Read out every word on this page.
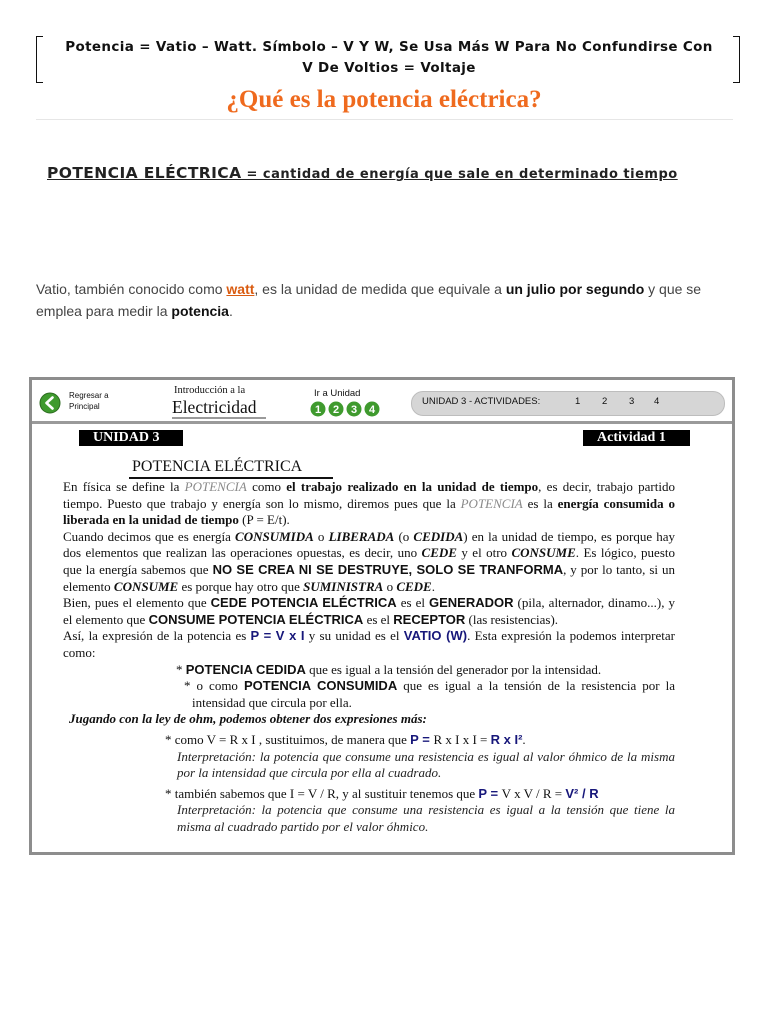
Potencia = Vatio – Watt. Símbolo – V Y W, Se Usa Más W Para No Confundirse Con
V De Voltios = Voltaje
¿Qué es la potencia eléctrica?
POTENCIA ELÉCTRICA = cantidad de energía que sale en determinado tiempo
Vatio, también conocido como watt, es la unidad de medida que equivale a un julio por segundo y que se emplea para medir la potencia.
Regresar a
Principal
Introducción a la
Electricidad
Ir a Unidad
1 2 3 4
UNIDAD 3 - ACTIVIDADES:	1 2 3 4
UNIDAD 3	Actividad 1
POTENCIA ELÉCTRICA

En física se define la POTENCIA como el trabajo realizado en la unidad de tiempo, es decir, trabajo partido tiempo. Puesto que trabajo y energía son lo mismo, diremos pues que la POTENCIA es la energía consumida o liberada en la unidad de tiempo (P = E/t).

Cuando decimos que es energía CONSUMIDA o LIBERADA (o CEDIDA) en la unidad de tiempo, es porque hay dos elementos que realizan las operaciones opuestas, es decir, uno CEDE y el otro CONSUME. Es lógico, puesto que la energía sabemos que NO SE CREA NI SE DESTRUYE, SOLO SE TRANFORMA, y por lo tanto, si un elemento CONSUME es porque hay otro que SUMINISTRA o CEDE.

Bien, pues el elemento que CEDE POTENCIA ELÉCTRICA es el GENERADOR (pila, alternador, dinamo...), y el elemento que CONSUME POTENCIA ELÉCTRICA es el RECEPTOR (las resistencias).

Así, la expresión de la potencia es P = V x I y su unidad es el VATIO (W). Esta expresión la podemos interpretar como:

* POTENCIA CEDIDA que es igual a la tensión del generador por la intensidad.

* o como POTENCIA CONSUMIDA que es igual a la tensión de la resistencia por la intensidad que circula por ella.

Jugando con la ley de ohm, podemos obtener dos expresiones más:

* como V = R x I , sustituimos, de manera que P = R x I x I = R x I².

Interpretación: la potencia que consume una resistencia es igual al valor óhmico de la misma por la intensidad que circula por ella al cuadrado.

* también sabemos que I = V / R, y al sustituir tenemos que P = V x V / R = V² / R

Interpretación: la potencia que consume una resistencia es igual a la tensión que tiene la misma al cuadrado partido por el valor óhmico.
